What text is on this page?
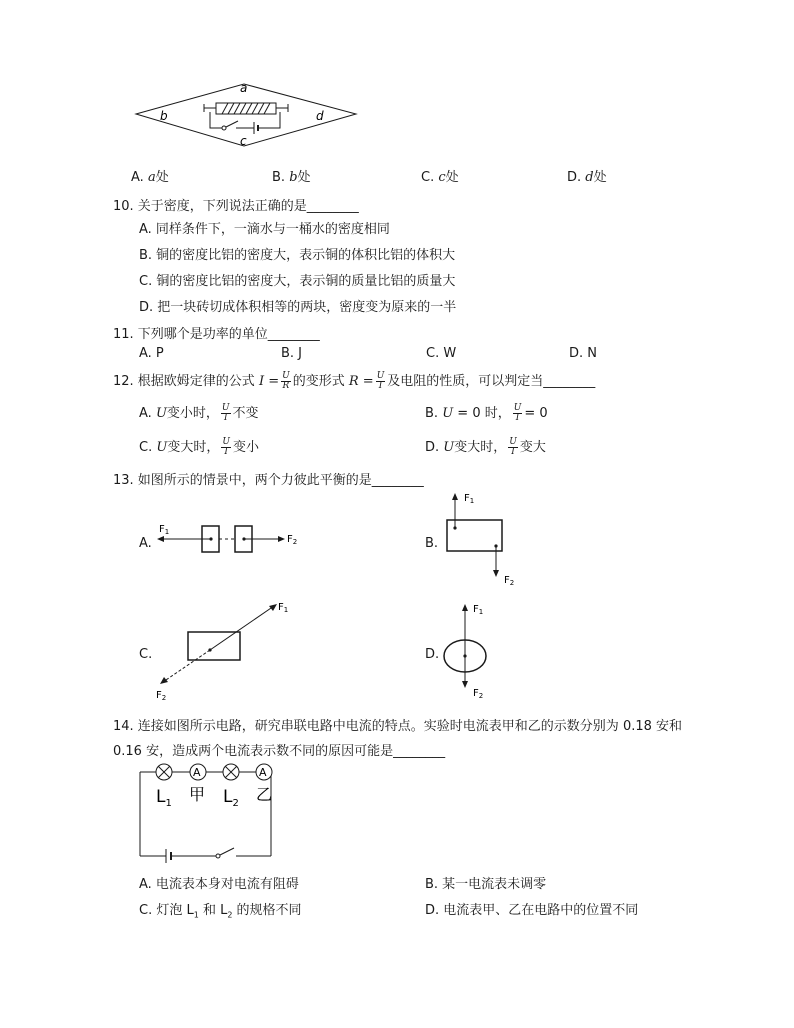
a
b
c
d
A. a处	B. b处	C. c处	D. d处
10. 关于密度，下列说法正确的是________
A. 同样条件下，一滴水与一桶水的密度相同
B. 铜的密度比铝的密度大，表示铜的体积比铝的体积大
C. 铜的密度比铝的密度大，表示铜的质量比铝的质量大
D. 把一块砖切成体积相等的两块，密度变为原来的一半
11. 下列哪个是功率的单位________
A. P	B. J	C. W	D. N
12. 根据欧姆定律的公式 $I = \frac{U}{R}$ 的变形式 $R = \frac{U}{I}$ 及电阻的性质，可以判定当________
A. U变小时， $\frac{U}{I}$ 不变	B. U = 0 时， $\frac{U}{I} = 0$
C. U变大时， $\frac{U}{I}$ 变小	D. U变大时， $\frac{U}{I}$ 变大
13. 如图所示的情景中，两个力彼此平衡的是________
A.
$F_1$
$F_2$	B.
$F_1$
$F_2$
C.
$F_1$
$F_2$
D.
$F_1$
$F_2$
14. 连接如图所示电路，研究串联电路中电流的特点。实验时电流表甲和乙的示数分别为 0.18 安和
0.16 安，造成两个电流表示数不同的原因可能是________
A	A
$L_1$ 甲 $L_2$ 乙
A. 电流表本身对电流有阻碍	B. 某一电流表未调零
C. 灯泡 $L_1$ 和 $L_2$ 的规格不同	D. 电流表甲、乙在电路中的位置不同
